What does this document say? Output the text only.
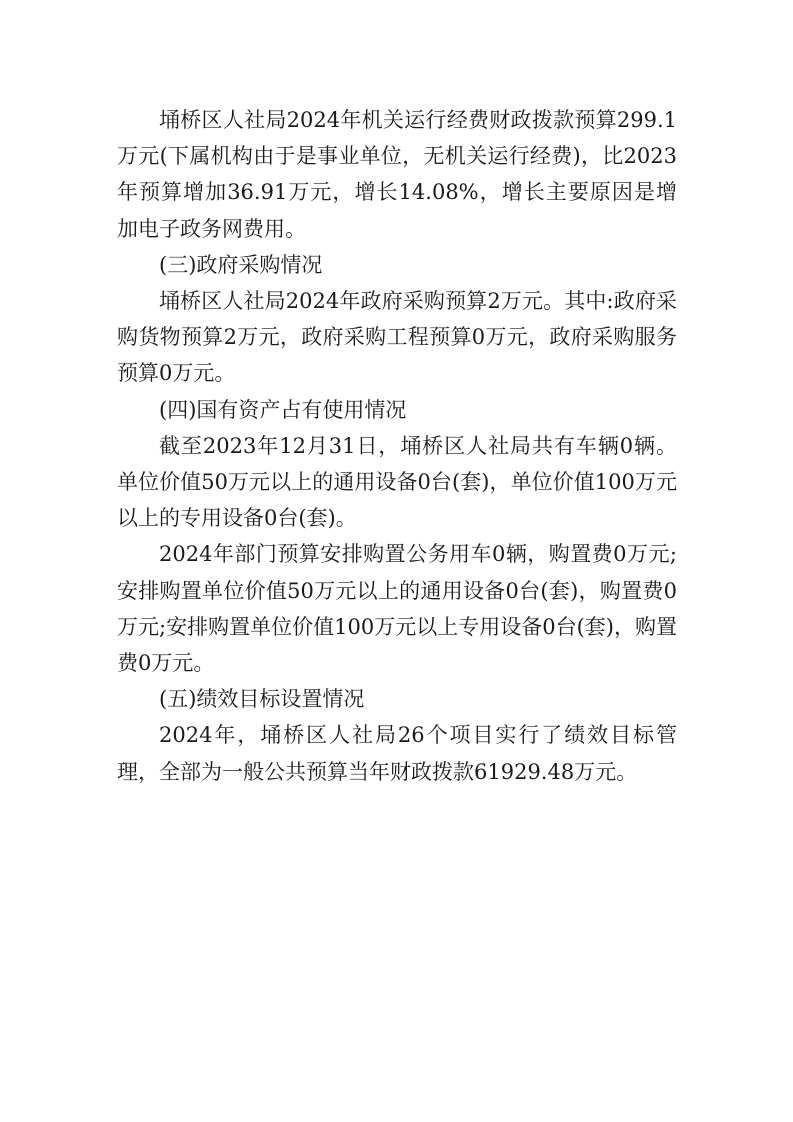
埇桥区人社局2024年机关运行经费财政拨款预算299.1万元(下属机构由于是事业单位，无机关运行经费)，比2023年预算增加36.91万元，增长14.08%，增长主要原因是增加电子政务网费用。

(三)政府采购情况

埇桥区人社局2024年政府采购预算2万元。其中:政府采购货物预算2万元，政府采购工程预算0万元，政府采购服务预算0万元。

(四)国有资产占有使用情况

截至2023年12月31日，埇桥区人社局共有车辆0辆。单位价值50万元以上的通用设备0台(套)，单位价值100万元以上的专用设备0台(套)。

2024年部门预算安排购置公务用车0辆，购置费0万元;安排购置单位价值50万元以上的通用设备0台(套)，购置费0万元;安排购置单位价值100万元以上专用设备0台(套)，购置费0万元。

(五)绩效目标设置情况

2024年，埇桥区人社局26个项目实行了绩效目标管理，全部为一般公共预算当年财政拨款61929.48万元。
